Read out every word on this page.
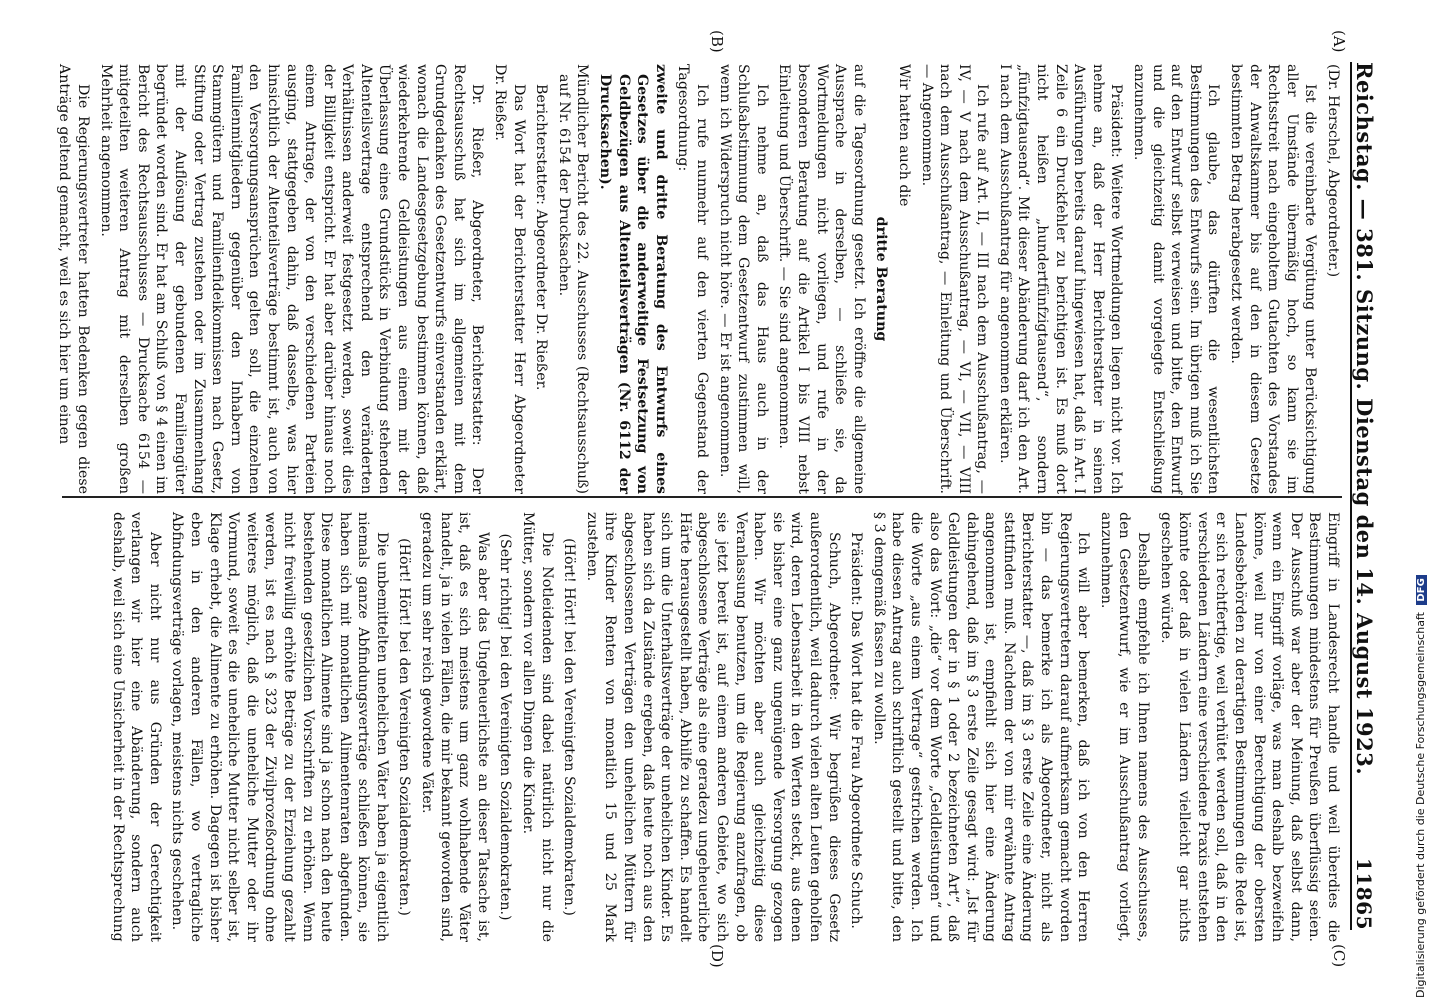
Reichstag. — 381. Sitzung. Dienstag den 14. August 1923.
11865
(A)
(B)
(C)
(D)

(Dr. Herschel, Abgeordneter.)

Ist die vereinbarte Vergütung unter Berücksichtigung aller Umstände übermäßig hoch, so kann sie im Rechtsstreit nach eingeholtem Gutachten des Vorstandes der Anwaltskammer bis auf den in diesem Gesetze bestimmten Betrag herabgesetzt werden.

Ich glaube, das dürften die wesentlichsten Bestimmungen des Entwurfs sein. Im übrigen muß ich Sie auf den Entwurf selbst verweisen und bitte, den Entwurf und die gleichzeitig damit vorgelegte Entschließung anzunehmen.

Präsident: Weitere Wortmeldungen liegen nicht vor. Ich nehme an, daß der Herr Berichterstatter in seinen Ausführungen bereits darauf hingewiesen hat, daß in Art. I Zeile 6 ein Druckfehler zu berichtigen ist. Es muß dort nicht heißen „hundertfünfzigtausend“, sondern „fünfzigtausend“. Mit dieser Abänderung darf ich den Art. I nach dem Ausschußantrag für angenommen erklären.

Ich rufe auf Art. II, — III nach dem Ausschußantrag, — IV, — V nach dem Ausschußantrag, — VI, — VII, — VIII nach dem Ausschußantrag, — Einleitung und Überschrift. — Angenommen.

Wir hatten auch die

dritte Beratung

auf die Tagesordnung gesetzt. Ich eröffne die allgemeine Aussprache in derselben, — schließe sie, da Wortmeldungen nicht vorliegen, und rufe in der besonderen Beratung auf die Artikel I bis VIII nebst Einleitung und Überschrift. — Sie sind angenommen.

Ich nehme an, daß das Haus auch in der Schlußabstimmung dem Gesetzentwurf zustimmen will, wenn ich Widerspruch nicht höre. — Er ist angenommen.

Ich rufe nunmehr auf den vierten Gegenstand der Tagesordnung:

zweite und dritte Beratung des Entwurfs eines Gesetzes über die anderweitige Festsetzung von Geldbezügen aus Altenteilsverträgen (Nr. 6112 der Drucksachen).

Mündlicher Bericht des 22. Ausschusses (Rechtsausschuß) auf Nr. 6154 der Drucksachen.

Berichterstatter: Abgeordneter Dr. Rießer.

Das Wort hat der Berichterstatter Herr Abgeordneter Dr. Rießer.

Dr. Rießer, Abgeordneter, Berichterstatter: Der Rechtsausschuß hat sich im allgemeinen mit dem Grundgedanken des Gesetzentwurfs einverstanden erklärt, wonach die Landesgesetzgebung bestimmen können, daß wiederkehrende Geldleistungen aus einem mit der Überlassung eines Grundstücks in Verbindung stehenden Altenteilsvertrage entsprechend den veränderten Verhältnissen anderweit festgesetzt werden, soweit dies der Billigkeit entspricht. Er hat aber darüber hinaus noch einem Antrage, der von den verschiedenen Parteien ausging, stattgegeben dahin, daß dasselbe, was hier hinsichtlich der Altenteilsverträge bestimmt ist, auch von den Versorgungsansprüchen gelten soll, die einzelnen Familienmitgliedern gegenüber den Inhabern von Stammgütern und Familienfideikommissen nach Gesetz, Stiftung oder Vertrag zustehen oder im Zusammenhang mit der Auflösung der gebundenen Familiengüter begründet worden sind. Er hat am Schluß von § 4 einen im Bericht des Rechtsausschusses — Drucksache 6154 — mitgeteilten weiteren Antrag mit derselben großen Mehrheit angenommen.

Die Regierungsvertreter hatten Bedenken gegen diese Anträge geltend gemacht, weil es sich hier um einen

Eingriff in Landesrecht handle und weil überdies die Bestimmungen mindestens für Preußen überflüssig seien. Der Ausschuß war aber der Meinung, daß selbst dann, wenn ein Eingriff vorläge, was man deshalb bezweifeln könne, weil nur von einer Berechtigung der obersten Landesbehörden zu derartigen Bestimmungen die Rede ist, er sich rechtfertige, weil verhütet werden soll, daß in den verschiedenen Ländern eine verschiedene Praxis entstehen könnte oder daß in vielen Ländern vielleicht gar nichts geschehen würde.

Deshalb empfehle ich Ihnen namens des Ausschusses, den Gesetzentwurf, wie er im Ausschußantrag vorliegt, anzunehmen.

Ich will aber bemerken, daß ich von den Herren Regierungsvertretern darauf aufmerksam gemacht worden bin — das bemerke ich als Abgeordneter, nicht als Berichterstatter —, daß im § 3 erste Zeile eine Änderung stattfinden muß. Nachdem der von mir erwähnte Antrag angenommen ist, empfiehlt sich hier eine Änderung dahingehend, daß im § 3 erste Zeile gesagt wird: „Ist für Geldleistungen der in § 1 oder 2 bezeichneten Art“, daß also das Wort: „die“ vor dem Worte „Geldleistungen“ und die Worte „aus einem Vertrage“ gestrichen werden. Ich habe diesen Antrag auch schriftlich gestellt und bitte, den § 3 demgemäß fassen zu wollen.

Präsident: Das Wort hat die Frau Abgeordnete Schuch.

Schuch, Abgeordnete: Wir begrüßen dieses Gesetz außerordentlich, weil dadurch vielen alten Leuten geholfen wird, deren Lebensarbeit in den Werten steckt, aus denen sie bisher eine ganz ungenügende Versorgung gezogen haben. Wir möchten aber auch gleichzeitig diese Veranlassung benutzen, um die Regierung anzufragen, ob sie jetzt bereit ist, auf einem anderen Gebiete, wo sich abgeschlossene Verträge als eine geradezu ungeheuerliche Härte herausgestellt haben, Abhilfe zu schaffen. Es handelt sich um die Unterhaltsverträge der unehelichen Kinder. Es haben sich da Zustände ergeben, daß heute noch aus den abgeschlossenen Verträgen den unehelichen Müttern für ihre Kinder Renten von monatlich 15 und 25 Mark zustehen.

(Hört! Hört! bei den Vereinigten Sozialdemokraten.)

Die Notleidenden sind dabei natürlich nicht nur die Mütter, sondern vor allen Dingen die Kinder.

(Sehr richtig! bei den Vereinigten Sozialdemokraten.)

Was aber das Ungeheuerlichste an dieser Tatsache ist, ist, daß es sich meistens um ganz wohlhabende Väter handelt, ja in vielen Fällen, die mir bekannt geworden sind, geradezu um sehr reich gewordene Väter.

(Hört! Hört! bei den Vereinigten Sozialdemokraten.)

Die unbemittelten unehelichen Väter haben ja eigentlich niemals ganze Abfindungsverträge schließen können, sie haben sich mit monatlichen Alimentenraten abgefunden. Diese monatlichen Alimente sind ja schon nach den heute bestehenden gesetzlichen Vorschriften zu erhöhen. Wenn nicht freiwillig erhöhte Beträge zu der Erziehung gezahlt werden, ist es nach § 323 der Zivilprozeßordnung ohne weiteres möglich, daß die uneheliche Mutter oder ihr Vormund, soweit es die uneheliche Mutter nicht selber ist, Klage erhebt, die Alimente zu erhöhen. Dagegen ist bisher eben in den anderen Fällen, wo vertragliche Abfindungsverträge vorlagen, meistens nichts geschehen.

Aber nicht nur aus Gründen der Gerechtigkeit verlangen wir hier eine Abänderung, sondern auch deshalb, weil sich eine Unsicherheit in der Rechtsprechung	Digitalisierung gefördert durch die Deutsche Forschungsgemeinschaft DFG
